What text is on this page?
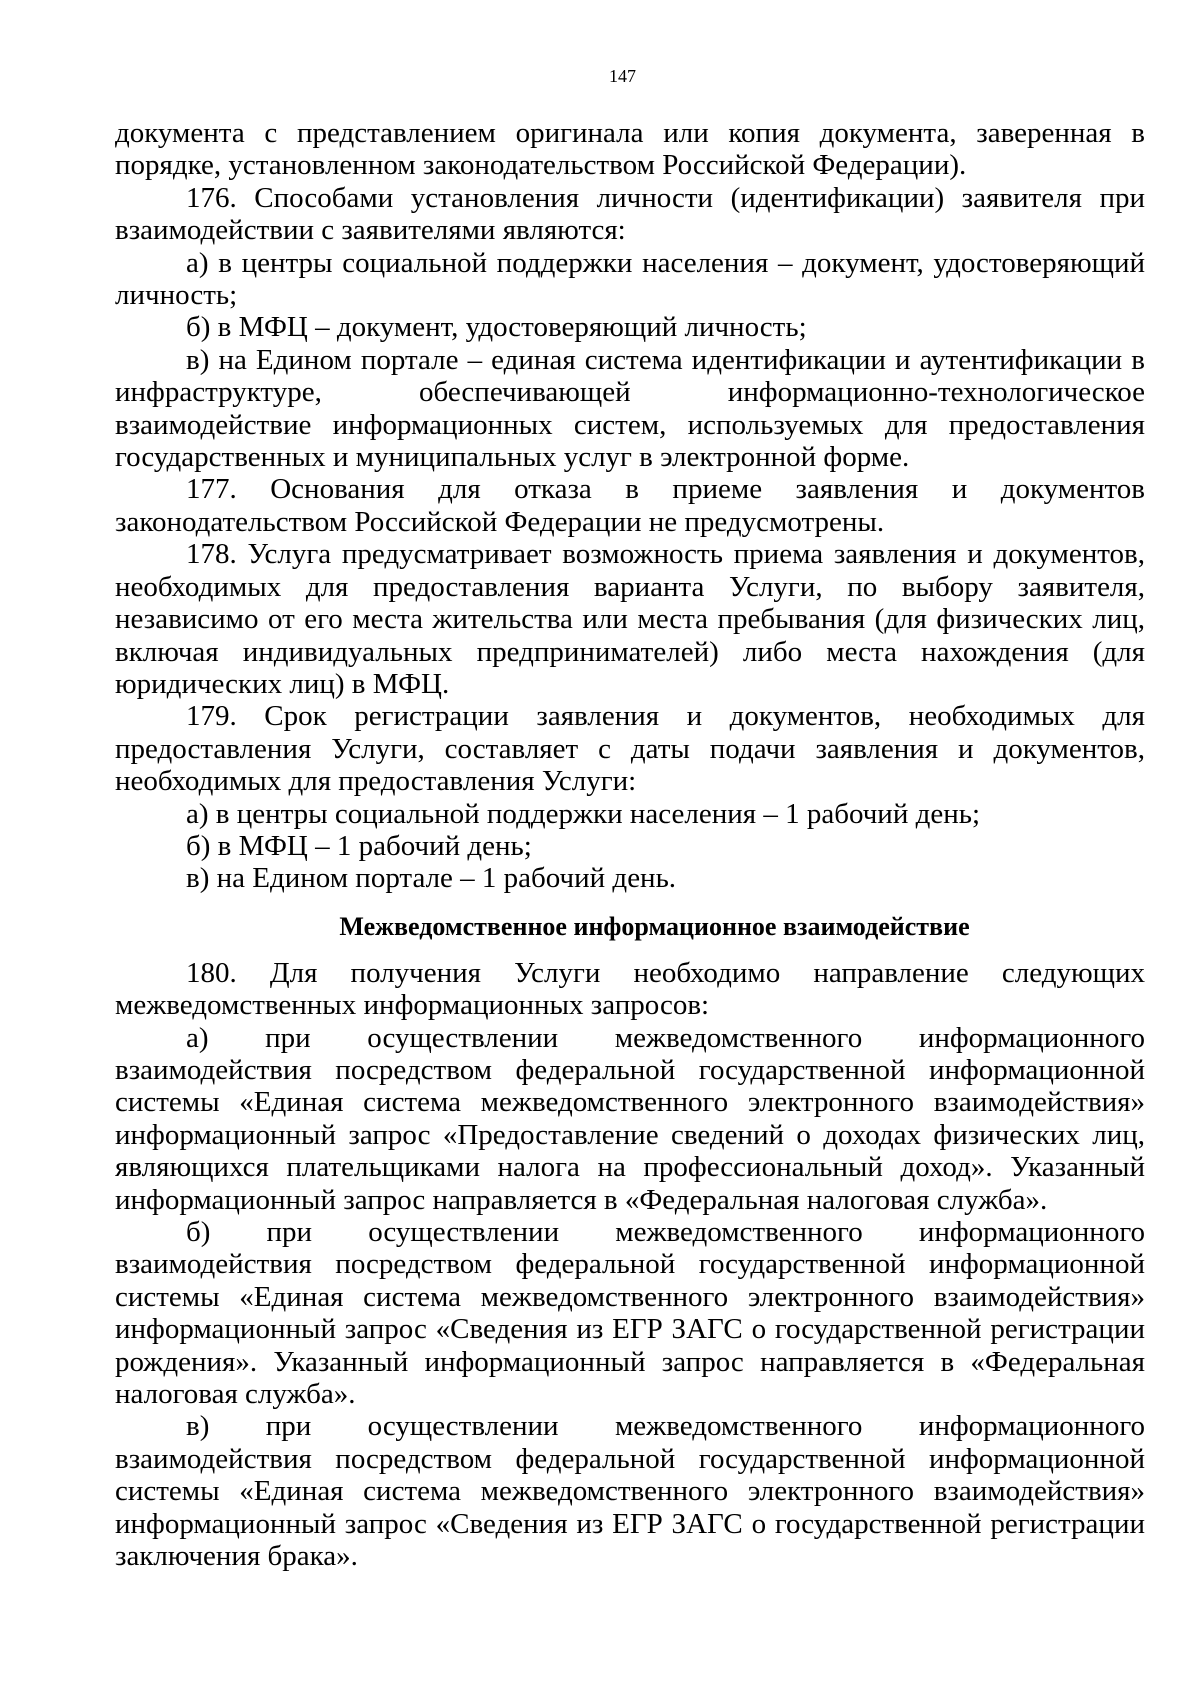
147

документа с представлением оригинала или копия документа, заверенная в порядке, установленном законодательством Российской Федерации).

176. Способами установления личности (идентификации) заявителя при взаимодействии с заявителями являются:

а) в центры социальной поддержки населения – документ, удостоверяющий личность;

б) в МФЦ – документ, удостоверяющий личность;

в) на Едином портале – единая система идентификации и аутентификации в инфраструктуре, обеспечивающей информационно-технологическое взаимодействие информационных систем, используемых для предоставления государственных и муниципальных услуг в электронной форме.

177. Основания для отказа в приеме заявления и документов законодательством Российской Федерации не предусмотрены.

178. Услуга предусматривает возможность приема заявления и документов, необходимых для предоставления варианта Услуги, по выбору заявителя, независимо от его места жительства или места пребывания (для физических лиц, включая индивидуальных предпринимателей) либо места нахождения (для юридических лиц) в МФЦ.

179. Срок регистрации заявления и документов, необходимых для предоставления Услуги, составляет с даты подачи заявления и документов, необходимых для предоставления Услуги:

а) в центры социальной поддержки населения – 1 рабочий день;

б) в МФЦ – 1 рабочий день;

в) на Едином портале – 1 рабочий день.

Межведомственное информационное взаимодействие

180. Для получения Услуги необходимо направление следующих межведомственных информационных запросов:

а) при осуществлении межведомственного информационного взаимодействия посредством федеральной государственной информационной системы «Единая система межведомственного электронного взаимодействия» информационный запрос «Предоставление сведений о доходах физических лиц, являющихся плательщиками налога на профессиональный доход». Указанный информационный запрос направляется в «Федеральная налоговая служба».

б) при осуществлении межведомственного информационного взаимодействия посредством федеральной государственной информационной системы «Единая система межведомственного электронного взаимодействия» информационный запрос «Сведения из ЕГР ЗАГС о государственной регистрации рождения». Указанный информационный запрос направляется в «Федеральная налоговая служба».

в) при осуществлении межведомственного информационного взаимодействия посредством федеральной государственной информационной системы «Единая система межведомственного электронного взаимодействия» информационный запрос «Сведения из ЕГР ЗАГС о государственной регистрации заключения брака».
